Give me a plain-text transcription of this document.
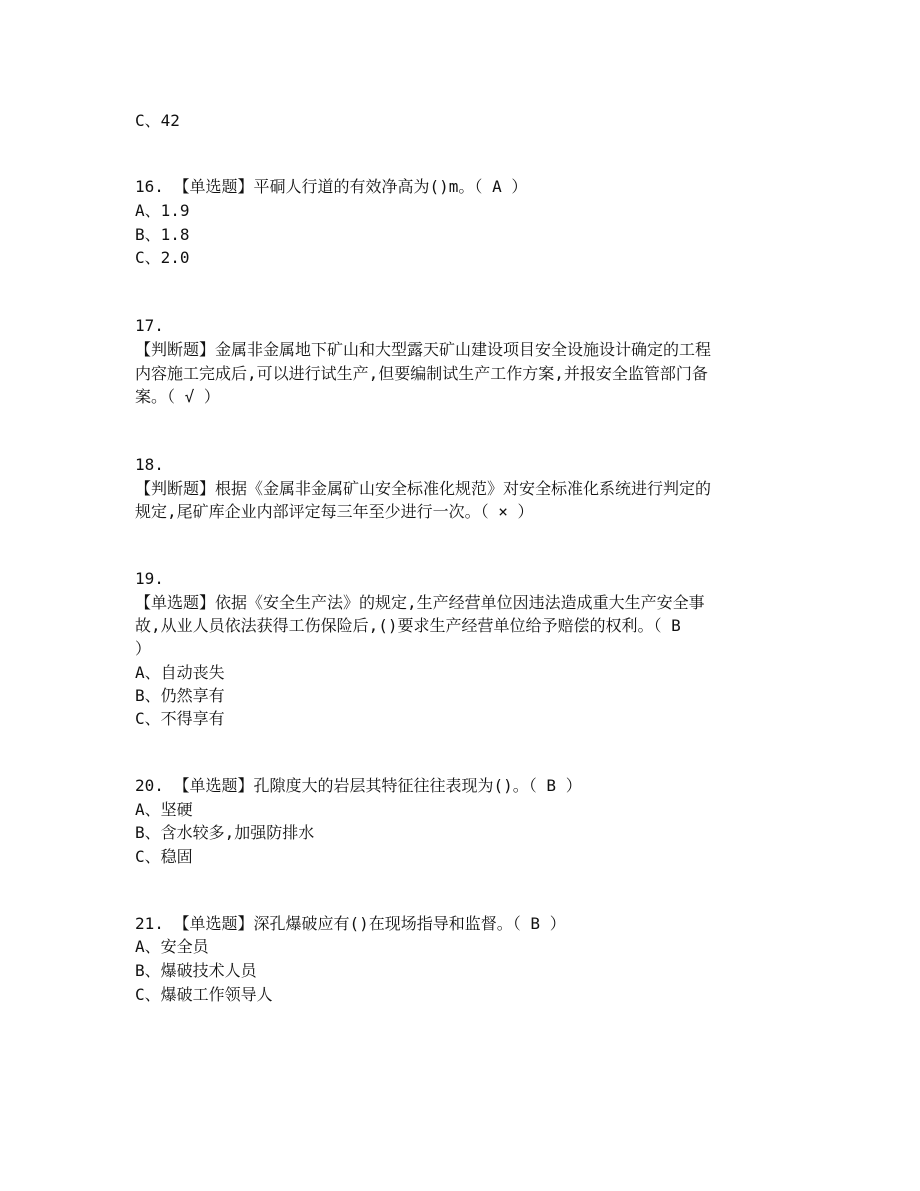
C、42
16. 【单选题】平硐人行道的有效净高为()m。（ A ）
A、1.9
B、1.8
C、2.0
17.
【判断题】金属非金属地下矿山和大型露天矿山建设项目安全设施设计确定的工程
内容施工完成后,可以进行试生产,但要编制试生产工作方案,并报安全监管部门备
案。（ √ ）
18.
【判断题】根据《金属非金属矿山安全标准化规范》对安全标准化系统进行判定的
规定,尾矿库企业内部评定每三年至少进行一次。（ × ）
19.
【单选题】依据《安全生产法》的规定,生产经营单位因违法造成重大生产安全事
故,从业人员依法获得工伤保险后,()要求生产经营单位给予赔偿的权利。（ B
）
A、自动丧失
B、仍然享有
C、不得享有
20. 【单选题】孔隙度大的岩层其特征往往表现为()。（ B ）
A、坚硬
B、含水较多,加强防排水
C、稳固
21. 【单选题】深孔爆破应有()在现场指导和监督。（ B ）
A、安全员
B、爆破技术人员
C、爆破工作领导人
